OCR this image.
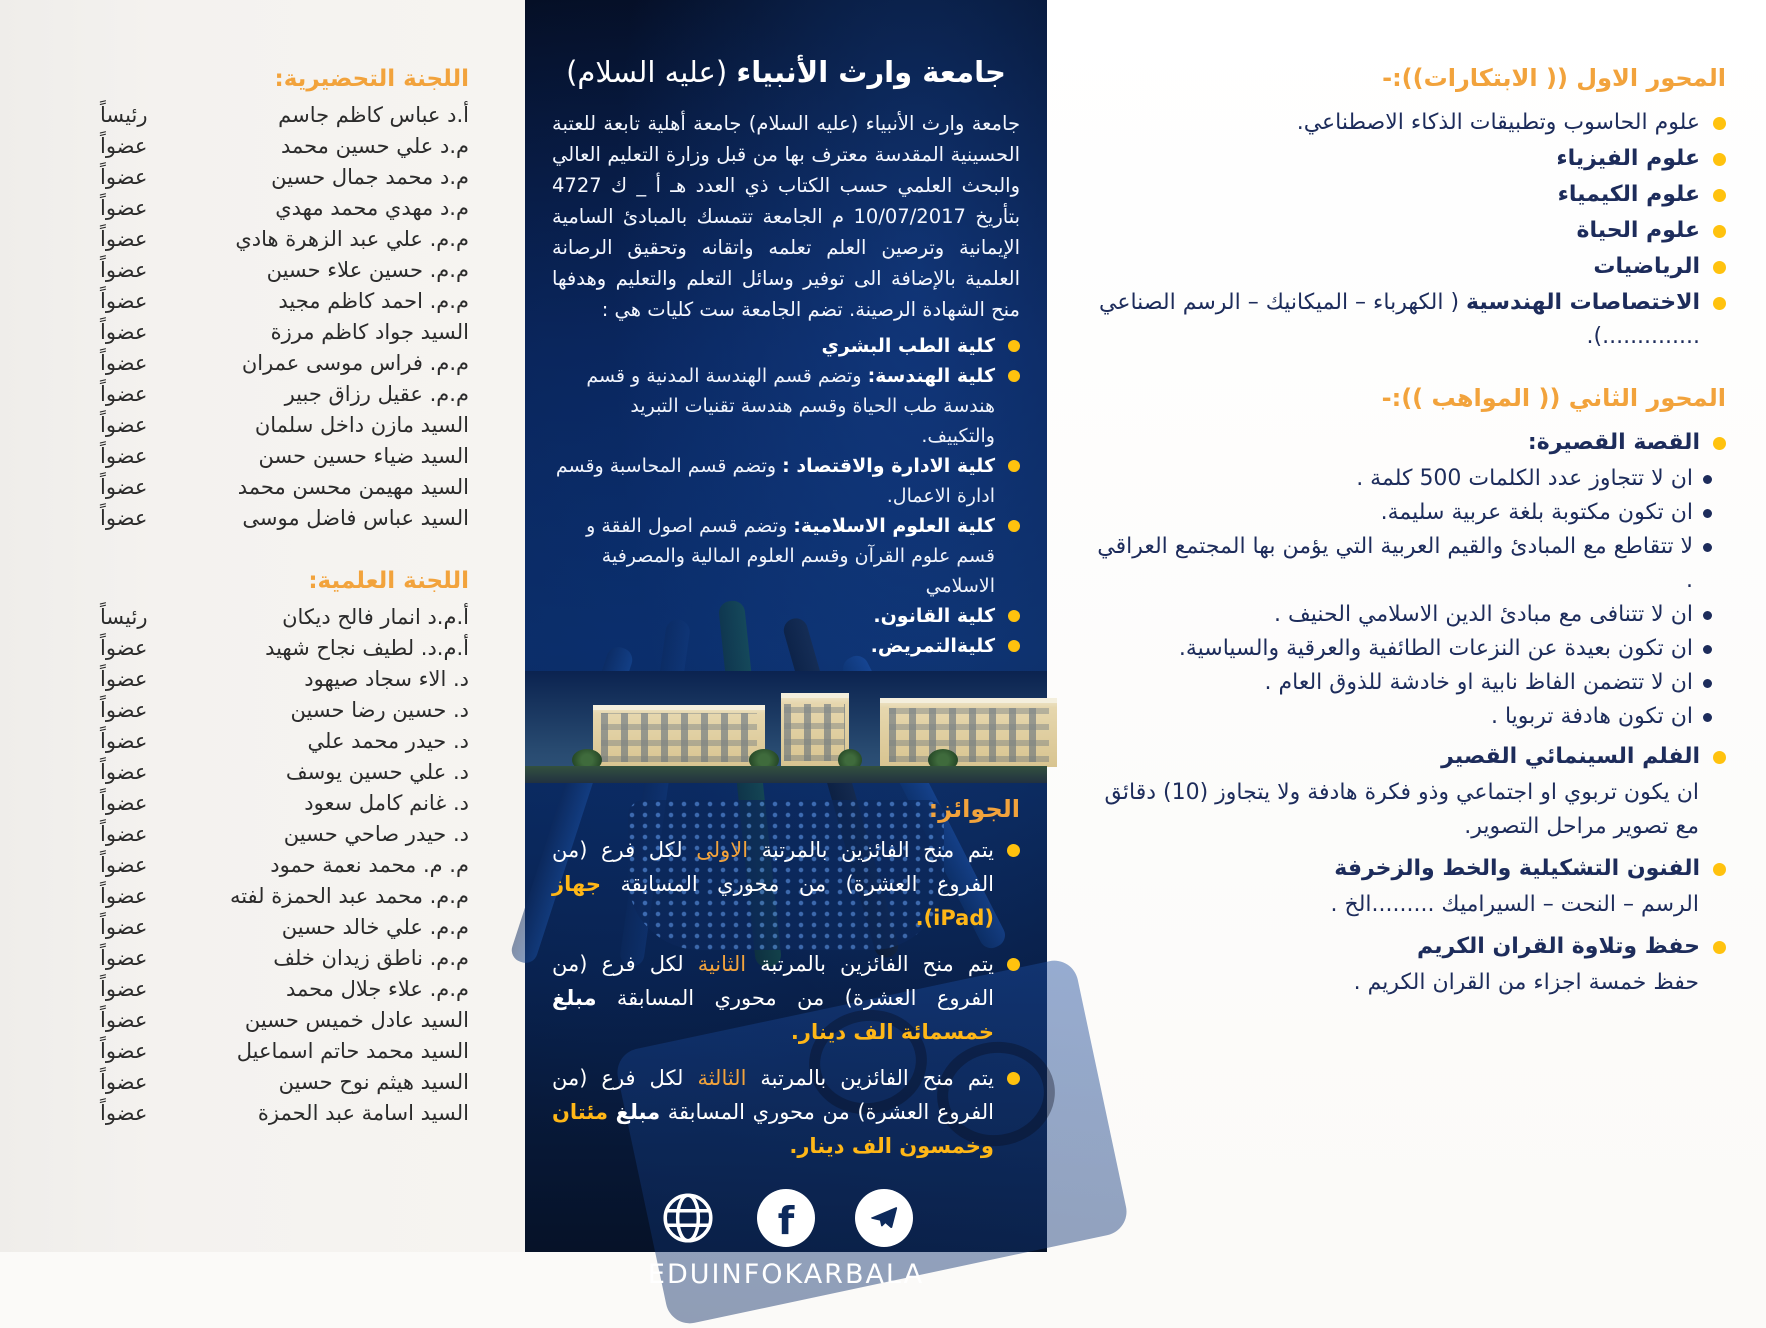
المحور الاول (( الابتكارات)):-

علوم الحاسوب وتطبيقات الذكاء الاصطناعي.

علوم الفيزياء

علوم الكيمياء

علوم الحياة

الرياضيات

الاختصاصات الهندسية ( الكهرباء – الميكانيك – الرسم الصناعي ..............).

المحور الثاني (( المواهب )):-

القصة القصيرة:

ان لا تتجاوز عدد الكلمات 500 كلمة .

ان تكون مكتوبة بلغة عربية سليمة.

لا تتقاطع مع المبادئ والقيم العربية التي يؤمن بها المجتمع العراقي .

ان لا تتنافى مع مبادئ الدين الاسلامي الحنيف .

ان تكون بعيدة عن النزعات الطائفية والعرقية والسياسية.

ان لا تتضمن الفاظ نابية او خادشة للذوق العام .

ان تكون هادفة تربويا .

الفلم السينمائي القصير

ان يكون تربوي او اجتماعي وذو فكرة هادفة ولا يتجاوز (10) دقائق مع تصوير مراحل التصوير.

الفنون التشكيلية والخط والزخرفة

الرسم – النحت – السيراميك .........الخ .

حفظ وتلاوة القران الكريم

حفظ خمسة اجزاء من القران الكريم .

جامعة وارث الأنبياء (عليه السلام)

جامعة وارث الأنبياء (عليه السلام) جامعة أهلية تابعة للعتبة الحسينية المقدسة معترف بها من قبل وزارة التعليم العالي والبحث العلمي حسب الكتاب ذي العدد هـ أ _ ك 4727 بتأريخ 10/07/2017 م الجامعة تتمسك بالمبادئ السامية الإيمانية وترصين العلم تعلمه واتقانه وتحقيق الرصانة العلمية بالإضافة الى توفير وسائل التعلم والتعليم وهدفها منح الشهادة الرصينة. تضم الجامعة ست كليات هي :

كلية الطب البشري

كلية الهندسة: وتضم قسم الهندسة المدنية و قسم هندسة طب الحياة وقسم هندسة تقنيات التبريد والتكييف.

كلية الادارة والاقتصاد : وتضم قسم المحاسبة وقسم ادارة الاعمال.

كلية العلوم الاسلامية: وتضم قسم اصول الفقة و قسم علوم القرآن وقسم العلوم المالية والمصرفية الاسلامي

كلية القانون.

كليةالتمريض.

الجوائز:

يتم منح الفائزين بالمرتبة الاولى لكل فرع (من الفروع العشرة) من محوري المسابقة جهاز (iPad).

يتم منح الفائزين بالمرتبة الثانية لكل فرع (من الفروع العشرة) من محوري المسابقة مبلغ خمسمائة الف دينار.

يتم منح الفائزين بالمرتبة الثالثة لكل فرع (من الفروع العشرة) من محوري المسابقة مبلغ مئتان وخمسون الف دينار.

f
EDUINFOKARBALA
اللجنة التحضيرية:
أ.د عباس كاظم جاسم
رئيساً
م.د علي حسين محمد
عضواً
م.د محمد جمال حسين
عضواً
م.د مهدي محمد مهدي
عضواً
م.م. علي عبد الزهرة هادي
عضواً
م.م. حسين علاء حسين
عضواً
م.م. احمد كاظم مجيد
عضواً
السيد جواد كاظم مرزة
عضواً
م.م. فراس موسى عمران
عضواً
م.م. عقيل رزاق جبير
عضواً
السيد مازن داخل سلمان
عضواً
السيد ضياء حسين حسن
عضواً
السيد مهيمن محسن محمد
عضواً
السيد عباس فاضل موسى
عضواً
اللجنة العلمية:
أ.م.د انمار فالح ديكان
رئيساً
أ.م.د. لطيف نجاح شهيد
عضواً
د. الاء سجاد صيهود
عضواً
د. حسين رضا حسين
عضواً
د. حيدر محمد علي
عضواً
د. علي حسين يوسف
عضواً
د. غانم كامل سعود
عضواً
د. حيدر صاحي حسين
عضواً
م. م. محمد نعمة حمود
عضواً
م.م. محمد عبد الحمزة لفته
عضواً
م.م. علي خالد حسين
عضواً
م.م. ناطق زيدان خلف
عضواً
م.م. علاء جلال محمد
عضواً
السيد عادل خميس حسين
عضواً
السيد محمد حاتم اسماعيل
عضواً
السيد هيثم نوح حسين
عضواً
السيد اسامة عبد الحمزة
عضواً
